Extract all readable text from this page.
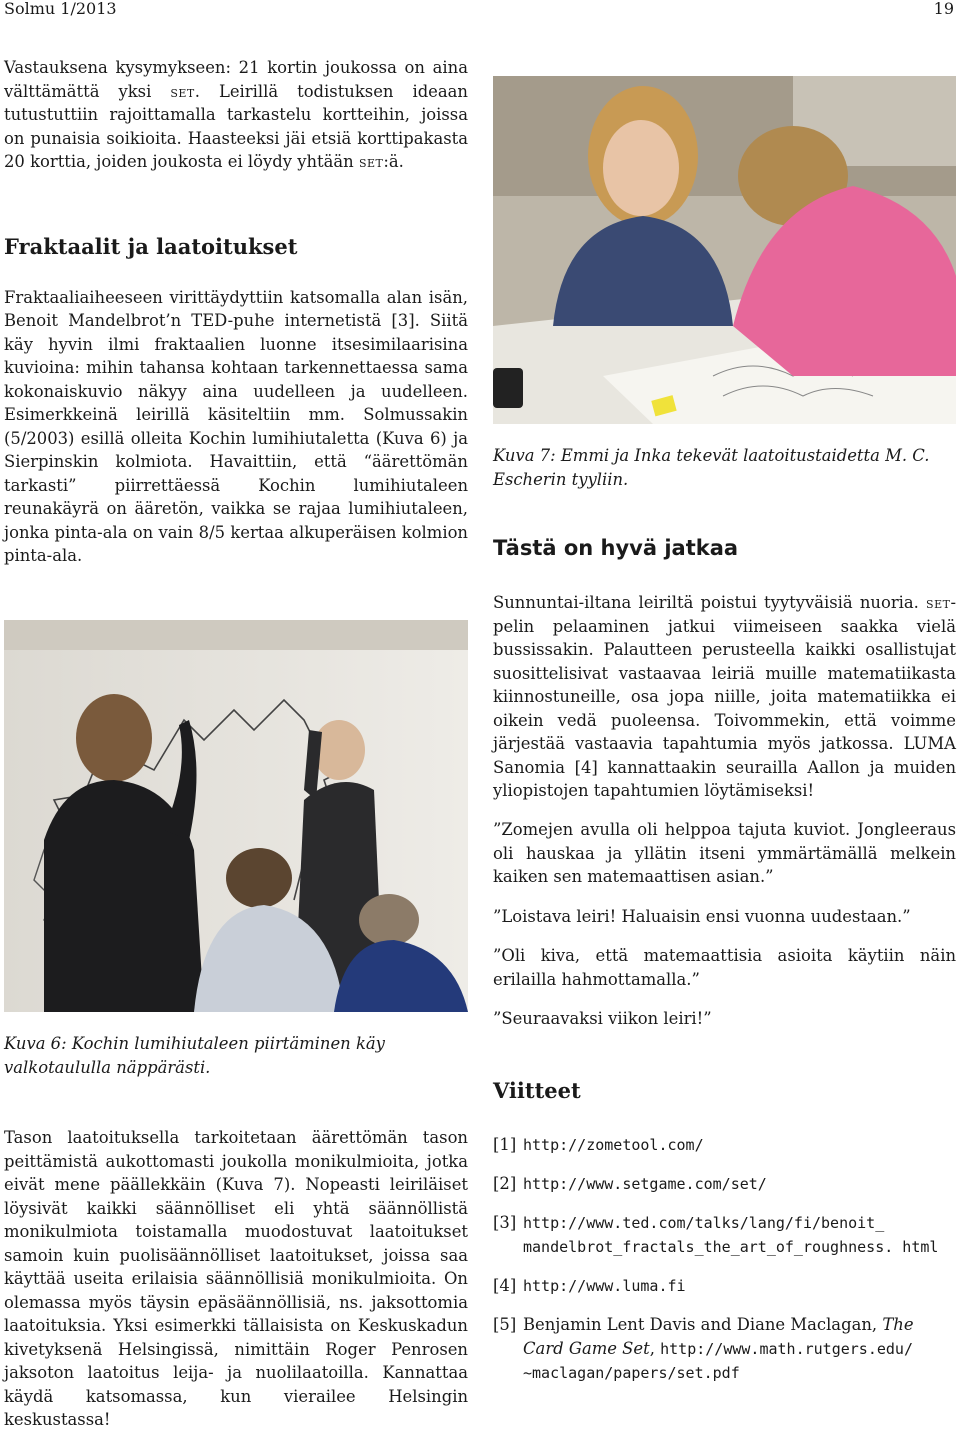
Solmu 1/2013	19

Vastauksena kysymykseen: 21 kortin joukossa on aina välttämättä yksi set. Leirillä todistuksen ideaan tutustuttiin rajoittamalla tarkastelu kortteihin, joissa on punaisia soikioita. Haasteeksi jäi etsiä korttipakasta 20 korttia, joiden joukosta ei löydy yhtään set:ä.

Fraktaalit ja laatoitukset

Fraktaaliaiheeseen virittäydyttiin katsomalla alan isän, Benoit Mandelbrot’n TED-puhe internetistä [3]. Siitä käy hyvin ilmi fraktaalien luonne itsesimilaarisina kuvioina: mihin tahansa kohtaan tarkennettaessa sama kokonaiskuvio näkyy aina uudelleen ja uudelleen. Esimerkkeinä leirillä käsiteltiin mm. Solmussakin (5/2003) esillä olleita Kochin lumihiutaletta (Kuva 6) ja Sierpinskin kolmiota. Havaittiin, että “äärettömän tarkasti” piirrettäessä Kochin lumihiutaleen reunakäyrä on ääretön, vaikka se rajaa lumihiutaleen, jonka pinta-ala on vain 8/5 kertaa alkuperäisen kolmion pinta-ala.

Kuva 6: Kochin lumihiutaleen piirtäminen käy valkotaululla näppärästi.

Tason laatoituksella tarkoitetaan äärettömän tason peittämistä aukottomasti joukolla monikulmioita, jotka eivät mene päällekkäin (Kuva 7). Nopeasti leiriläiset löysivät kaikki säännölliset eli yhtä säännöllistä monikulmiota toistamalla muodostuvat laatoitukset samoin kuin puolisäännölliset laatoitukset, joissa saa käyttää useita erilaisia säännöllisiä monikulmioita. On olemassa myös täysin epäsäännöllisiä, ns. jaksottomia laatoituksia. Yksi esimerkki tällaisista on Keskuskadun kivetyksenä Helsingissä, nimittäin Roger Penrosen jaksoton laatoitus leija- ja nuolilaatoilla. Kannattaa käydä katsomassa, kun vierailee Helsingin keskustassa!

Kuva 7: Emmi ja Inka tekevät laatoitustaidetta M. C. Escherin tyyliin.

Tästä on hyvä jatkaa

Sunnuntai-iltana leiriltä poistui tyytyväisiä nuoria. set-pelin pelaaminen jatkui viimeiseen saakka vielä bussissakin. Palautteen perusteella kaikki osallistujat suosittelisivat vastaavaa leiriä muille matematiikasta kiinnostuneille, osa jopa niille, joita matematiikka ei oikein vedä puoleensa. Toivommekin, että voimme järjestää vastaavia tapahtumia myös jatkossa. LUMA Sanomia [4] kannattaakin seurailla Aallon ja muiden yliopistojen tapahtumien löytämiseksi!

”Zomejen avulla oli helppoa tajuta kuviot. Jongleeraus oli hauskaa ja yllätin itseni ymmärtämällä melkein kaiken sen matemaattisen asian.”

”Loistava leiri! Haluaisin ensi vuonna uudestaan.”

”Oli kiva, että matemaattisia asioita käytiin näin erilailla hahmottamalla.”

”Seuraavaksi viikon leiri!”

Viitteet

[1] http://zometool.com/

[2] http://www.setgame.com/set/

[3] http://www.ted.com/talks/lang/fi/benoit_ mandelbrot_fractals_the_art_of_roughness. html

[4] http://www.luma.fi

[5] Benjamin Lent Davis and Diane Maclagan, The Card Game Set, http://www.math.rutgers.edu/ ~maclagan/papers/set.pdf
